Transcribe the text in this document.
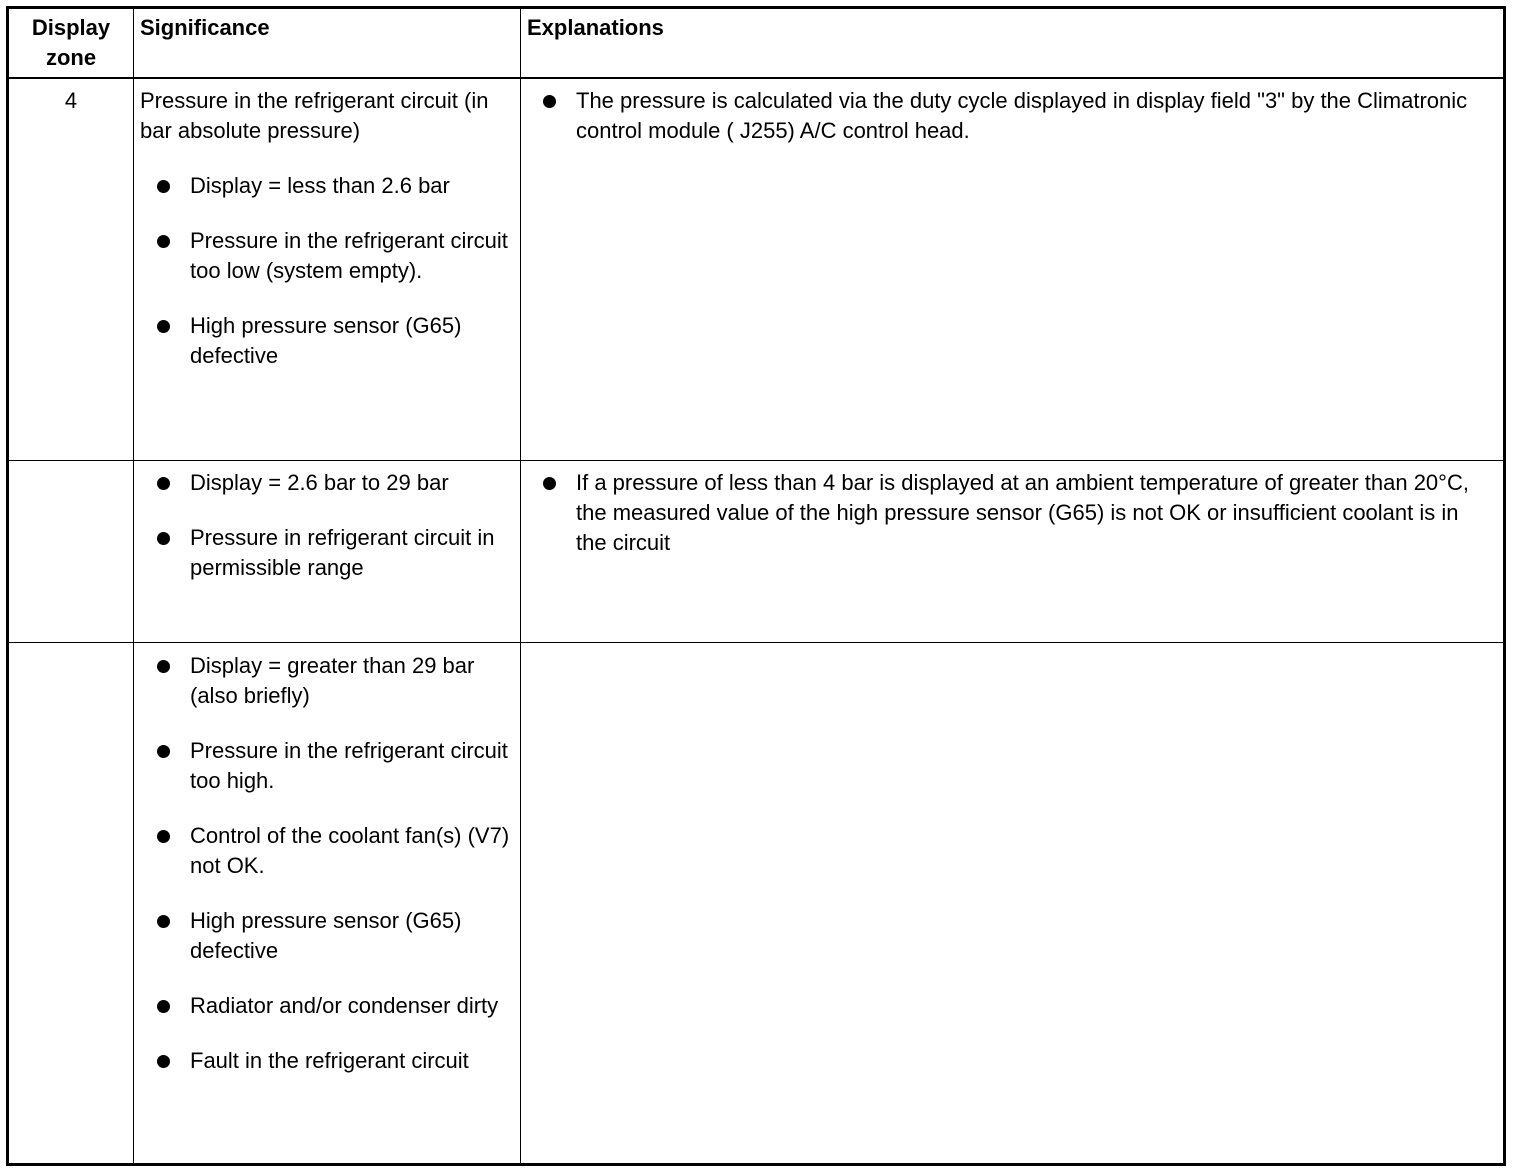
Display zone
Significance	Explanations
4	Pressure in the refrigerant circuit (in bar absolute pressure)

Display = less than 2.6 bar
Pressure in the refrigerant circuit too low (system empty).
High pressure sensor (G65) defective
The pressure is calculated via the duty cycle displayed in display field "3" by the Climatronic control module ( J255) A/C control head.
Display = 2.6 bar to 29 bar
Pressure in refrigerant circuit in permissible range
If a pressure of less than 4 bar is displayed at an ambient temperature of greater than 20°C, the measured value of the high pressure sensor (G65) is not OK or insufficient coolant is in the circuit
Display = greater than 29 bar (also briefly)
Pressure in the refrigerant circuit too high.
Control of the coolant fan(s) (V7) not OK.
High pressure sensor (G65) defective
Radiator and/or condenser dirty
Fault in the refrigerant circuit
